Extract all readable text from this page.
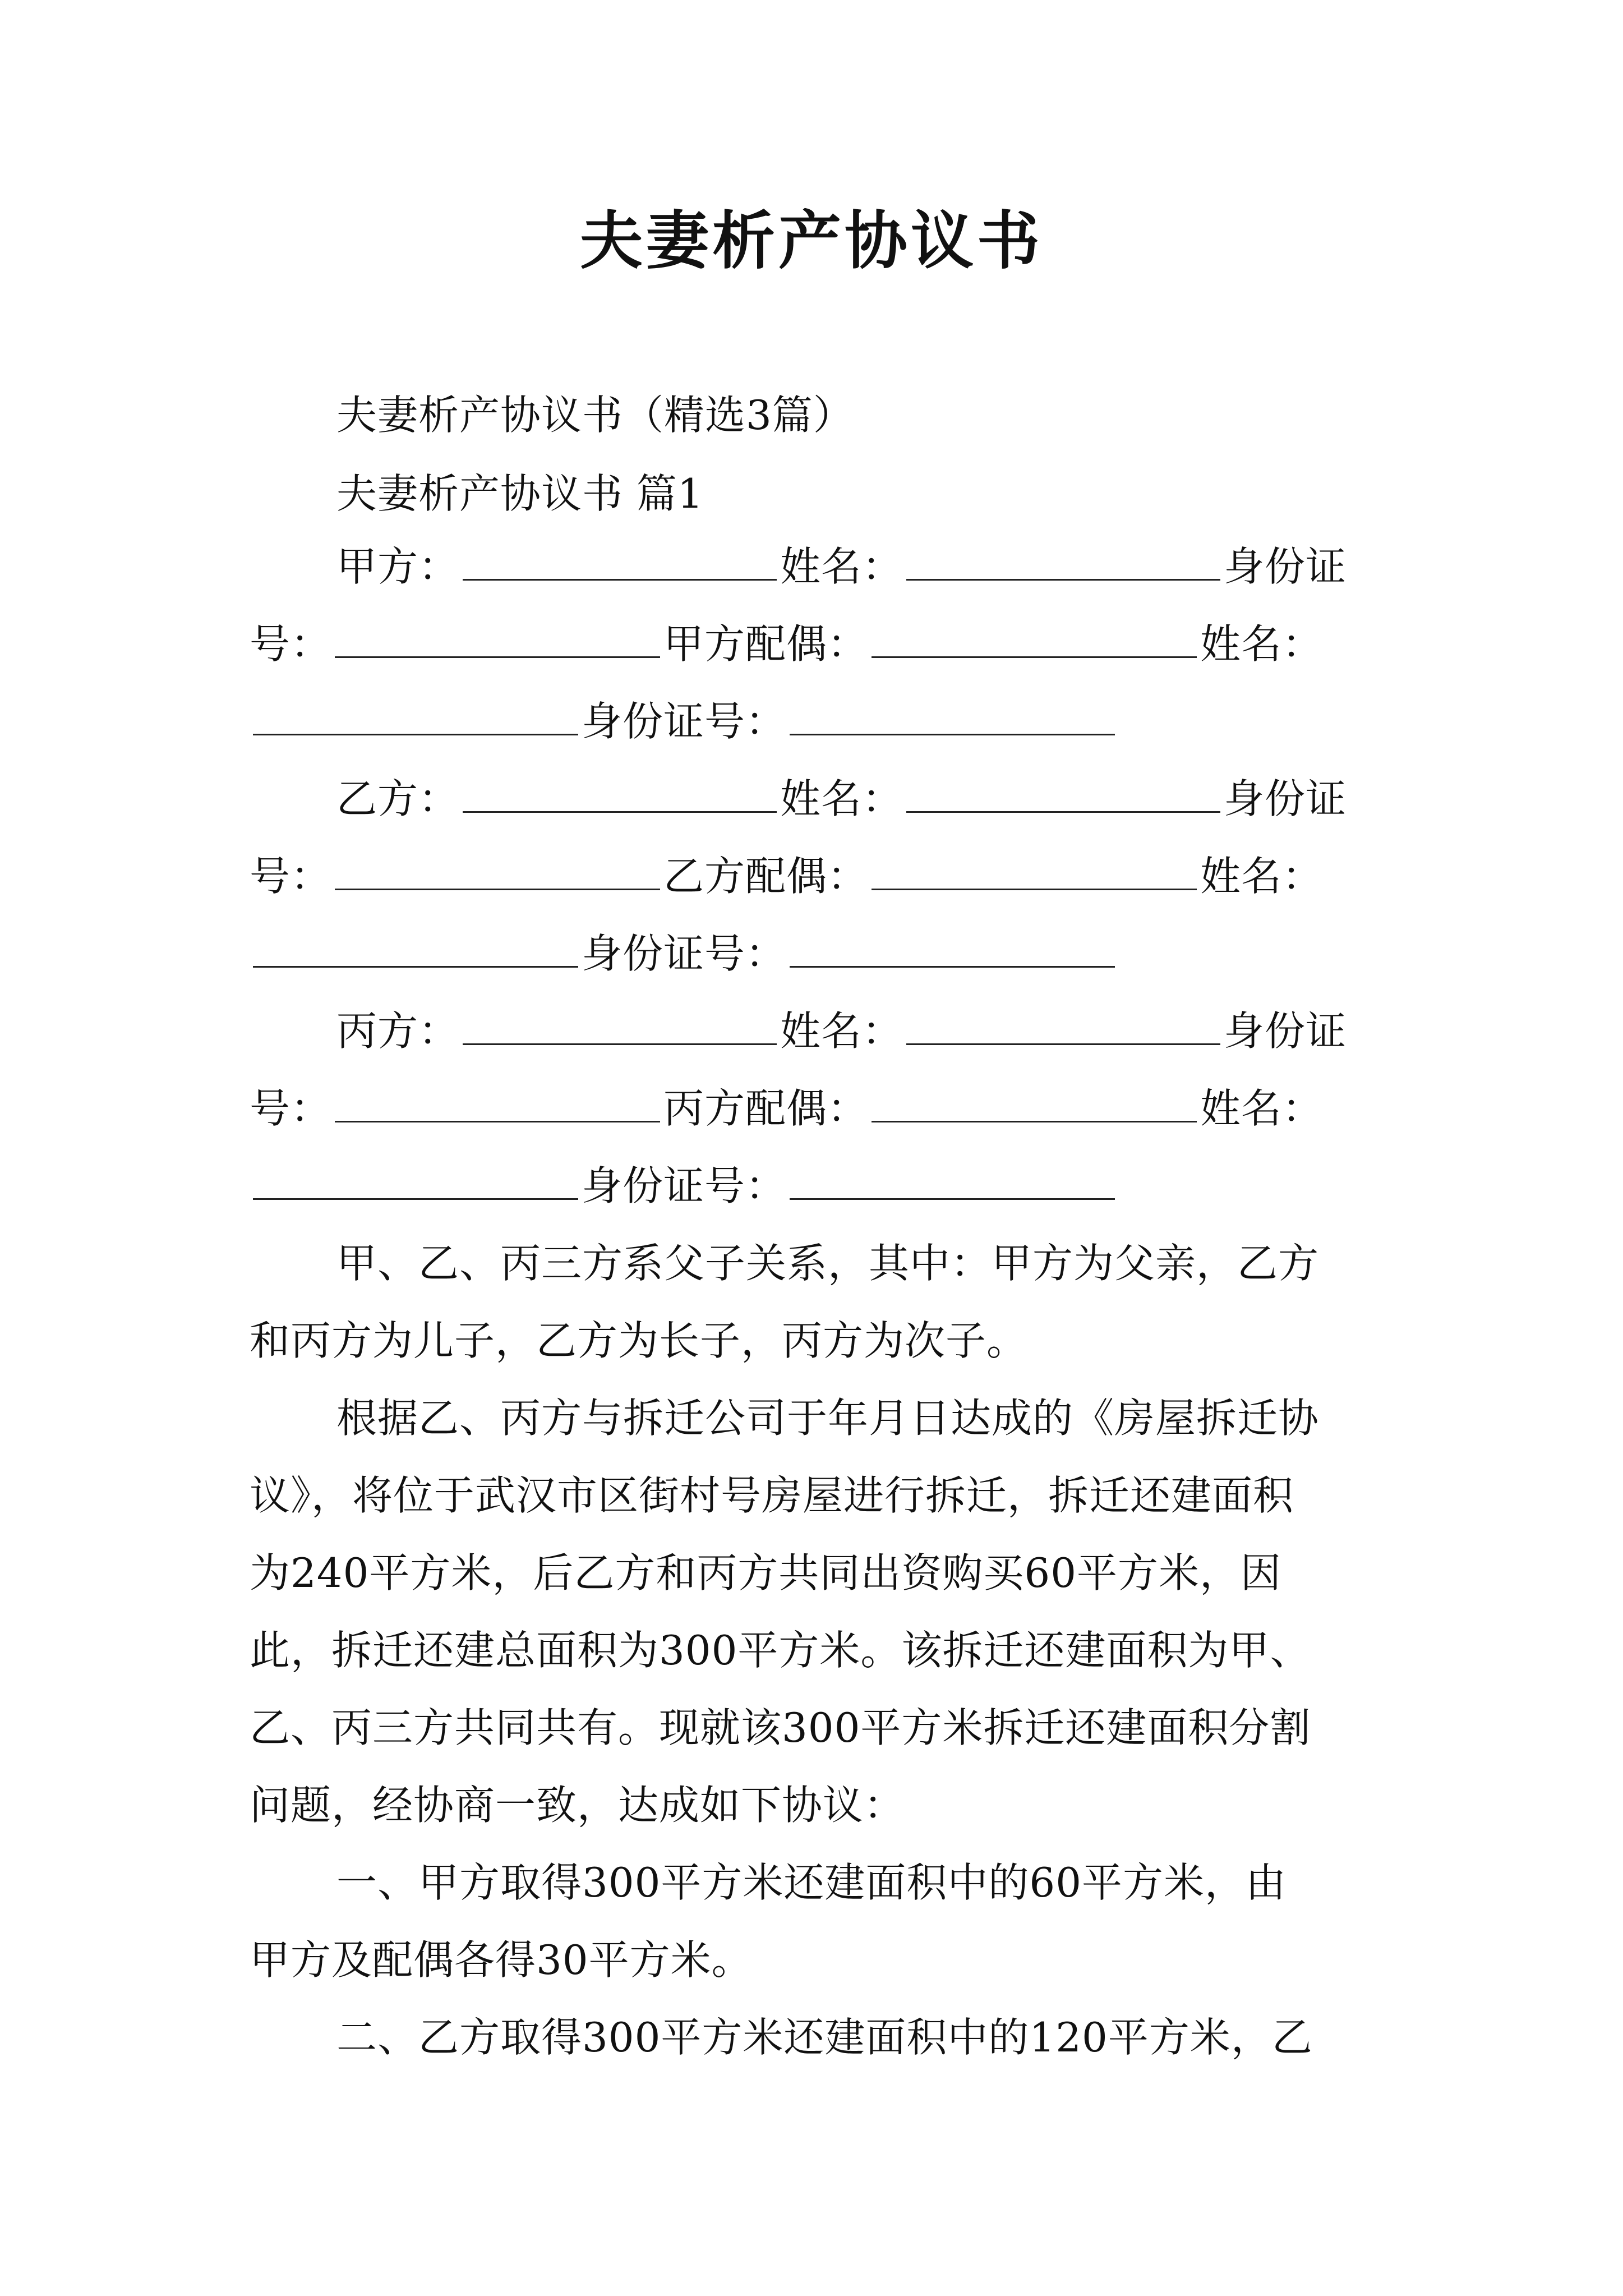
夫妻析产协议书
夫妻析产协议书（精选3篇）
夫妻析产协议书 篇1
甲方：	姓名：	身份证
号：	甲方配偶：	姓名：
身份证号：
乙方：	姓名：	身份证
号：	乙方配偶：	姓名：
身份证号：
丙方：	姓名：	身份证
号：	丙方配偶：	姓名：
身份证号：
甲、乙、丙三方系父子关系，其中：甲方为父亲，乙方
和丙方为儿子，乙方为长子，丙方为次子。
根据乙、丙方与拆迁公司于年月日达成的《房屋拆迁协
议》，将位于武汉市区街村号房屋进行拆迁，拆迁还建面积
为240平方米，后乙方和丙方共同出资购买60平方米，因
此，拆迁还建总面积为300平方米。该拆迁还建面积为甲、
乙、丙三方共同共有。现就该300平方米拆迁还建面积分割
问题，经协商一致，达成如下协议：
一、甲方取得300平方米还建面积中的60平方米，由
甲方及配偶各得30平方米。
二、乙方取得300平方米还建面积中的120平方米，乙
